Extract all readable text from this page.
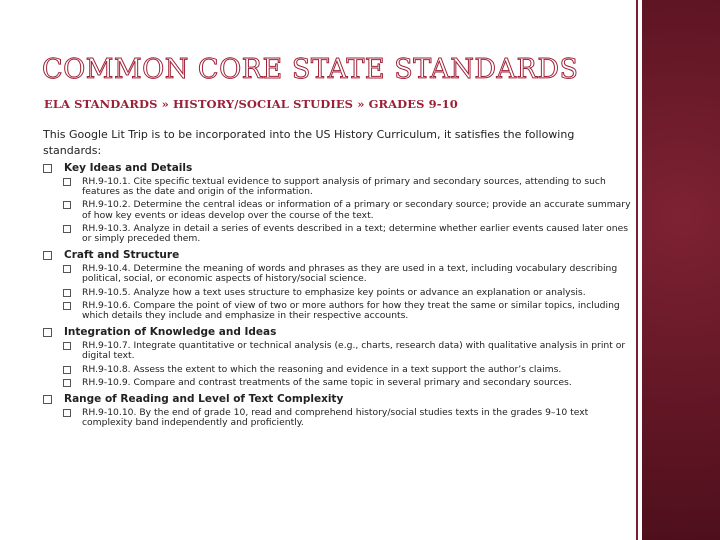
COMMON CORE STATE STANDARDS
ELA STANDARDS » HISTORY/SOCIAL STUDIES » GRADES 9-10

This Google Lit Trip is to be incorporated into the US History Curriculum, it satisfies the following standards:

Key Ideas and Details
RH.9-10.1. Cite specific textual evidence to support analysis of primary and secondary sources, attending to such features as the date and origin of the information.
RH.9-10.2. Determine the central ideas or information of a primary or secondary source; provide an accurate summary of how key events or ideas develop over the course of the text.
RH.9-10.3. Analyze in detail a series of events described in a text; determine whether earlier events caused later ones or simply preceded them.
Craft and Structure
RH.9-10.4. Determine the meaning of words and phrases as they are used in a text, including vocabulary describing political, social, or economic aspects of history/social science.
RH.9-10.5. Analyze how a text uses structure to emphasize key points or advance an explanation or analysis.
RH.9-10.6. Compare the point of view of two or more authors for how they treat the same or similar topics, including which details they include and emphasize in their respective accounts.
Integration of Knowledge and Ideas
RH.9-10.7. Integrate quantitative or technical analysis (e.g., charts, research data) with qualitative analysis in print or digital text.
RH.9-10.8. Assess the extent to which the reasoning and evidence in a text support the author’s claims.
RH.9-10.9. Compare and contrast treatments of the same topic in several primary and secondary sources.
Range of Reading and Level of Text Complexity
RH.9-10.10. By the end of grade 10, read and comprehend history/social studies texts in the grades 9–10 text complexity band independently and proficiently.
